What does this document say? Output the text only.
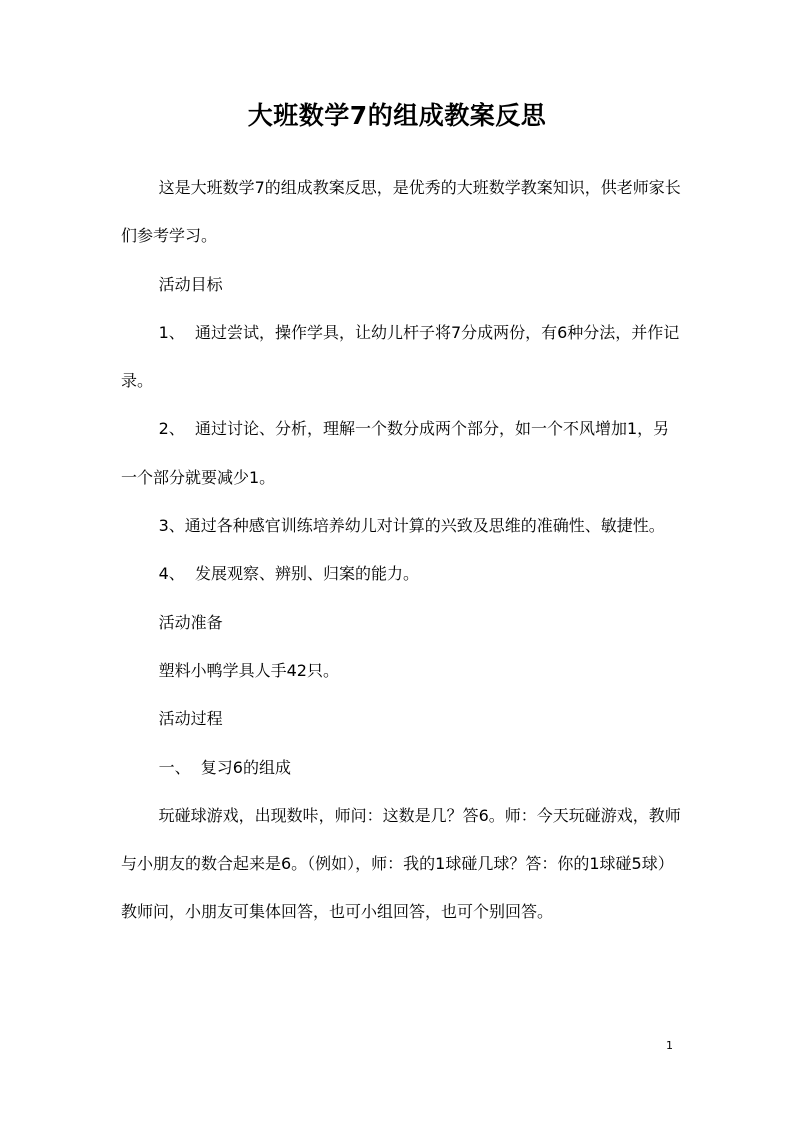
大班数学7的组成教案反思

这是大班数学7的组成教案反思，是优秀的大班数学教案知识，供老师家长们参考学习。

活动目标

1、  通过尝试，操作学具，让幼儿杆子将7分成两份，有6种分法，并作记录。

2、  通过讨论、分析，理解一个数分成两个部分，如一个不风增加1，另一个部分就要减少1。

3、通过各种感官训练培养幼儿对计算的兴致及思维的准确性、敏捷性。

4、  发展观察、辨别、归案的能力。

活动准备

塑料小鸭学具人手42只。

活动过程

一、  复习6的组成

玩碰球游戏，出现数咔，师问：这数是几？答6。师：今天玩碰游戏，教师与小朋友的数合起来是6。（例如），师：我的1球碰几球？答：你的1球碰5球）教师问，小朋友可集体回答，也可小组回答，也可个别回答。

1
